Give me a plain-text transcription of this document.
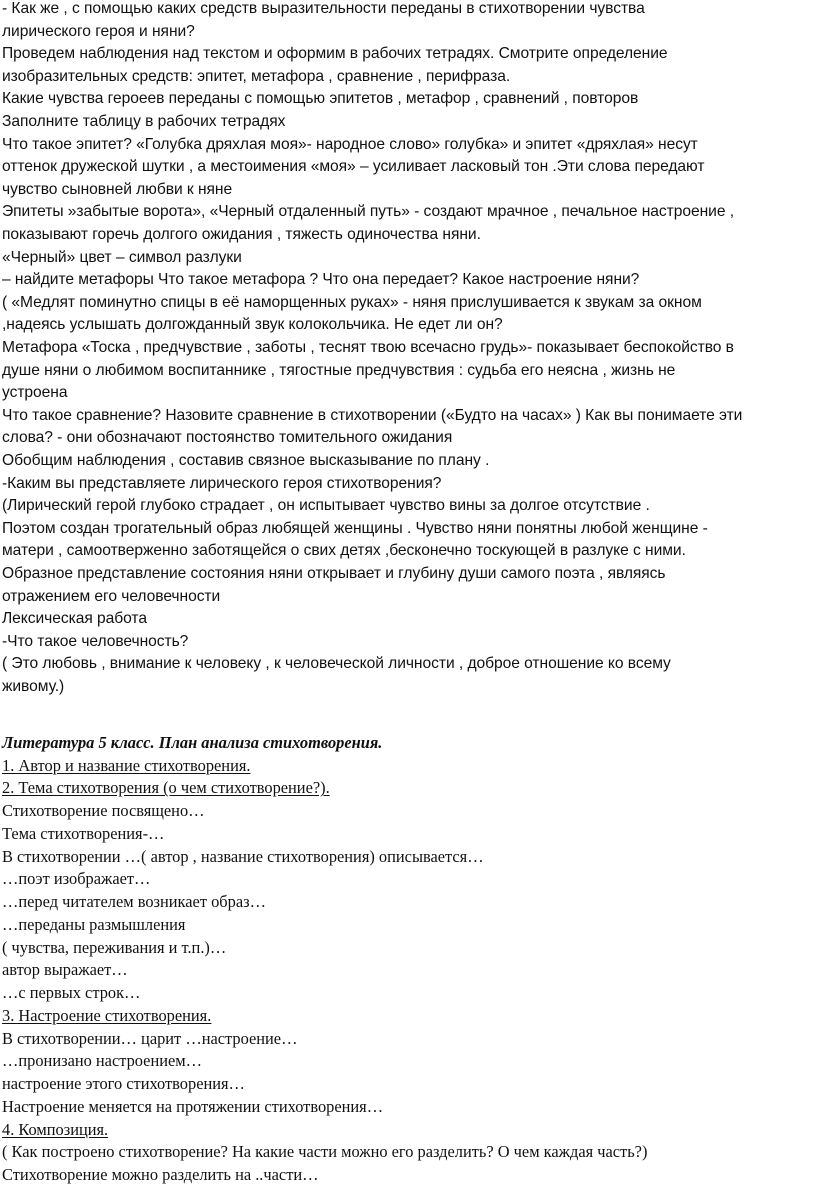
- Как же , с помощью каких средств выразительности переданы в стихотворении чувства
лирического героя и няни?
Проведем наблюдения над текстом и оформим в рабочих тетрадях. Смотрите определение
изобразительных средств: эпитет, метафора , сравнение , перифраза.
Какие чувства героеев переданы с помощью эпитетов , метафор , сравнений , повторов
Заполните таблицу в рабочих тетрадях
Что такое эпитет? «Голубка дряхлая моя»- народное слово» голубка» и эпитет «дряхлая» несут
оттенок дружеской шутки , а местоимения «моя» – усиливает ласковый тон .Эти слова передают
чувство сыновней любви к няне
Эпитеты »забытые ворота», «Черный отдаленный путь» - создают мрачное , печальное настроение ,
показывают горечь долгого ожидания , тяжесть одиночества няни.
«Черный» цвет – символ разлуки
– найдите метафоры Что такое метафора ? Что она передает? Какое настроение няни?
( «Медлят поминутно спицы в её наморщенных руках» - няня прислушивается к звукам за окном
,надеясь услышать долгожданный звук колокольчика. Не едет ли он?
Метафора «Тоска , предчувствие , заботы , теснят твою всечасно грудь»- показывает беспокойство в
душе няни о любимом воспитаннике , тягостные предчувствия : судьба его неясна , жизнь не
устроена
Что такое сравнение? Назовите сравнение в стихотворении («Будто на часах» ) Как вы понимаете эти
слова? - они обозначают постоянство томительного ожидания
Обобщим наблюдения , составив связное высказывание по плану .
-Каким вы представляете лирического героя стихотворения?
(Лирический герой глубоко страдает , он испытывает чувство вины за долгое отсутствие .
Поэтом создан трогательный образ любящей женщины . Чувство няни понятны любой женщине -
матери , самоотверженно заботящейся о свих детях ,бесконечно тоскующей в разлуке с ними.
Образное представление состояния няни открывает и глубину души самого поэта , являясь
отражением его человечности
Лексическая работа
-Что такое человечность?
( Это любовь , внимание к человеку , к человеческой личности , доброе отношение ко всему
живому.)
Литература 5 класс. План анализа стихотворения.
1. Автор и название стихотворения.
2. Тема стихотворения (о чем стихотворение?).
Стихотворение посвящено…
Тема стихотворения-…
В стихотворении …( автор , название стихотворения) описывается…
…поэт изображает…
…перед читателем возникает образ…
…переданы размышления
( чувства, переживания и т.п.)…
автор выражает…
…с первых строк…
3. Настроение стихотворения.
В стихотворении… царит …настроение…
…пронизано настроением…
настроение этого стихотворения…
Настроение меняется на протяжении стихотворения…
4. Композиция.
( Как построено стихотворение? На какие части можно его разделить? О чем каждая часть?)
Стихотворение можно разделить на ..части…
